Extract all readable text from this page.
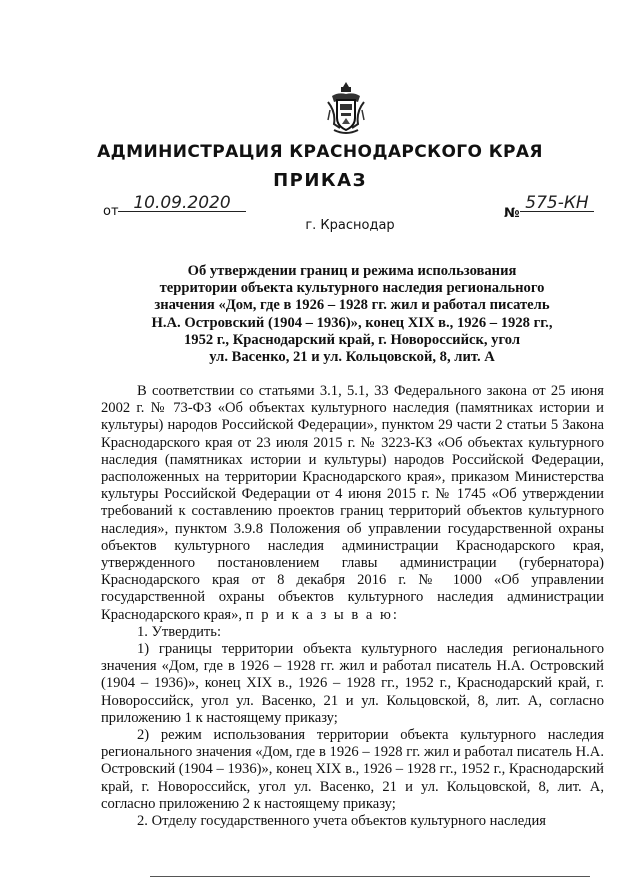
АДМИНИСТРАЦИЯ КРАСНОДАРСКОГО КРАЯ
ПРИКАЗ
от 10.09.2020
№
575-КН
г. Краснодар
Об утверждении границ и режима использования
территории объекта культурного наследия регионального
значения «Дом, где в 1926 – 1928 гг. жил и работал писатель
Н.А. Островский (1904 – 1936)», конец XIX в., 1926 – 1928 гг.,
1952 г., Краснодарский край, г. Новороссийск, угол
ул. Васенко, 21 и ул. Кольцовской, 8, лит. А

В соответствии со статьями 3.1, 5.1, 33 Федерального закона от 25 июня 2002 г. № 73-ФЗ «Об объектах культурного наследия (памятниках истории и культуры) народов Российской Федерации», пунктом 29 части 2 статьи 5 Закона Краснодарского края от 23 июля 2015 г. № 3223-КЗ «Об объектах культурного наследия (памятниках истории и культуры) народов Российской Федерации, расположенных на территории Краснодарского края», приказом Министерства культуры Российской Федерации от 4 июня 2015 г. № 1745 «Об утверждении требований к составлению проектов границ территорий объектов культурного наследия», пунктом 3.9.8 Положения об управлении государственной охраны объектов культурного наследия администрации Краснодарского края, утвержденного постановлением главы администрации (губернатора) Краснодарского края от 8 декабря 2016 г. № 1000 «Об управлении государственной охраны объектов культурного наследия администрации Краснодарского края», п р и к а з ы в а ю:

1. Утвердить:

1) границы территории объекта культурного наследия регионального значения «Дом, где в 1926 – 1928 гг. жил и работал писатель Н.А. Островский (1904 – 1936)», конец XIX в., 1926 – 1928 гг., 1952 г., Краснодарский край, г. Новороссийск, угол ул. Васенко, 21 и ул. Кольцовской, 8, лит. А, согласно приложению 1 к настоящему приказу;

2) режим использования территории объекта культурного наследия регионального значения «Дом, где в 1926 – 1928 гг. жил и работал писатель Н.А. Островский (1904 – 1936)», конец XIX в., 1926 – 1928 гг., 1952 г., Краснодарский край, г. Новороссийск, угол ул. Васенко, 21 и ул. Кольцовской, 8, лит. А, согласно приложению 2 к настоящему приказу;

2. Отделу государственного учета объектов культурного наследия
